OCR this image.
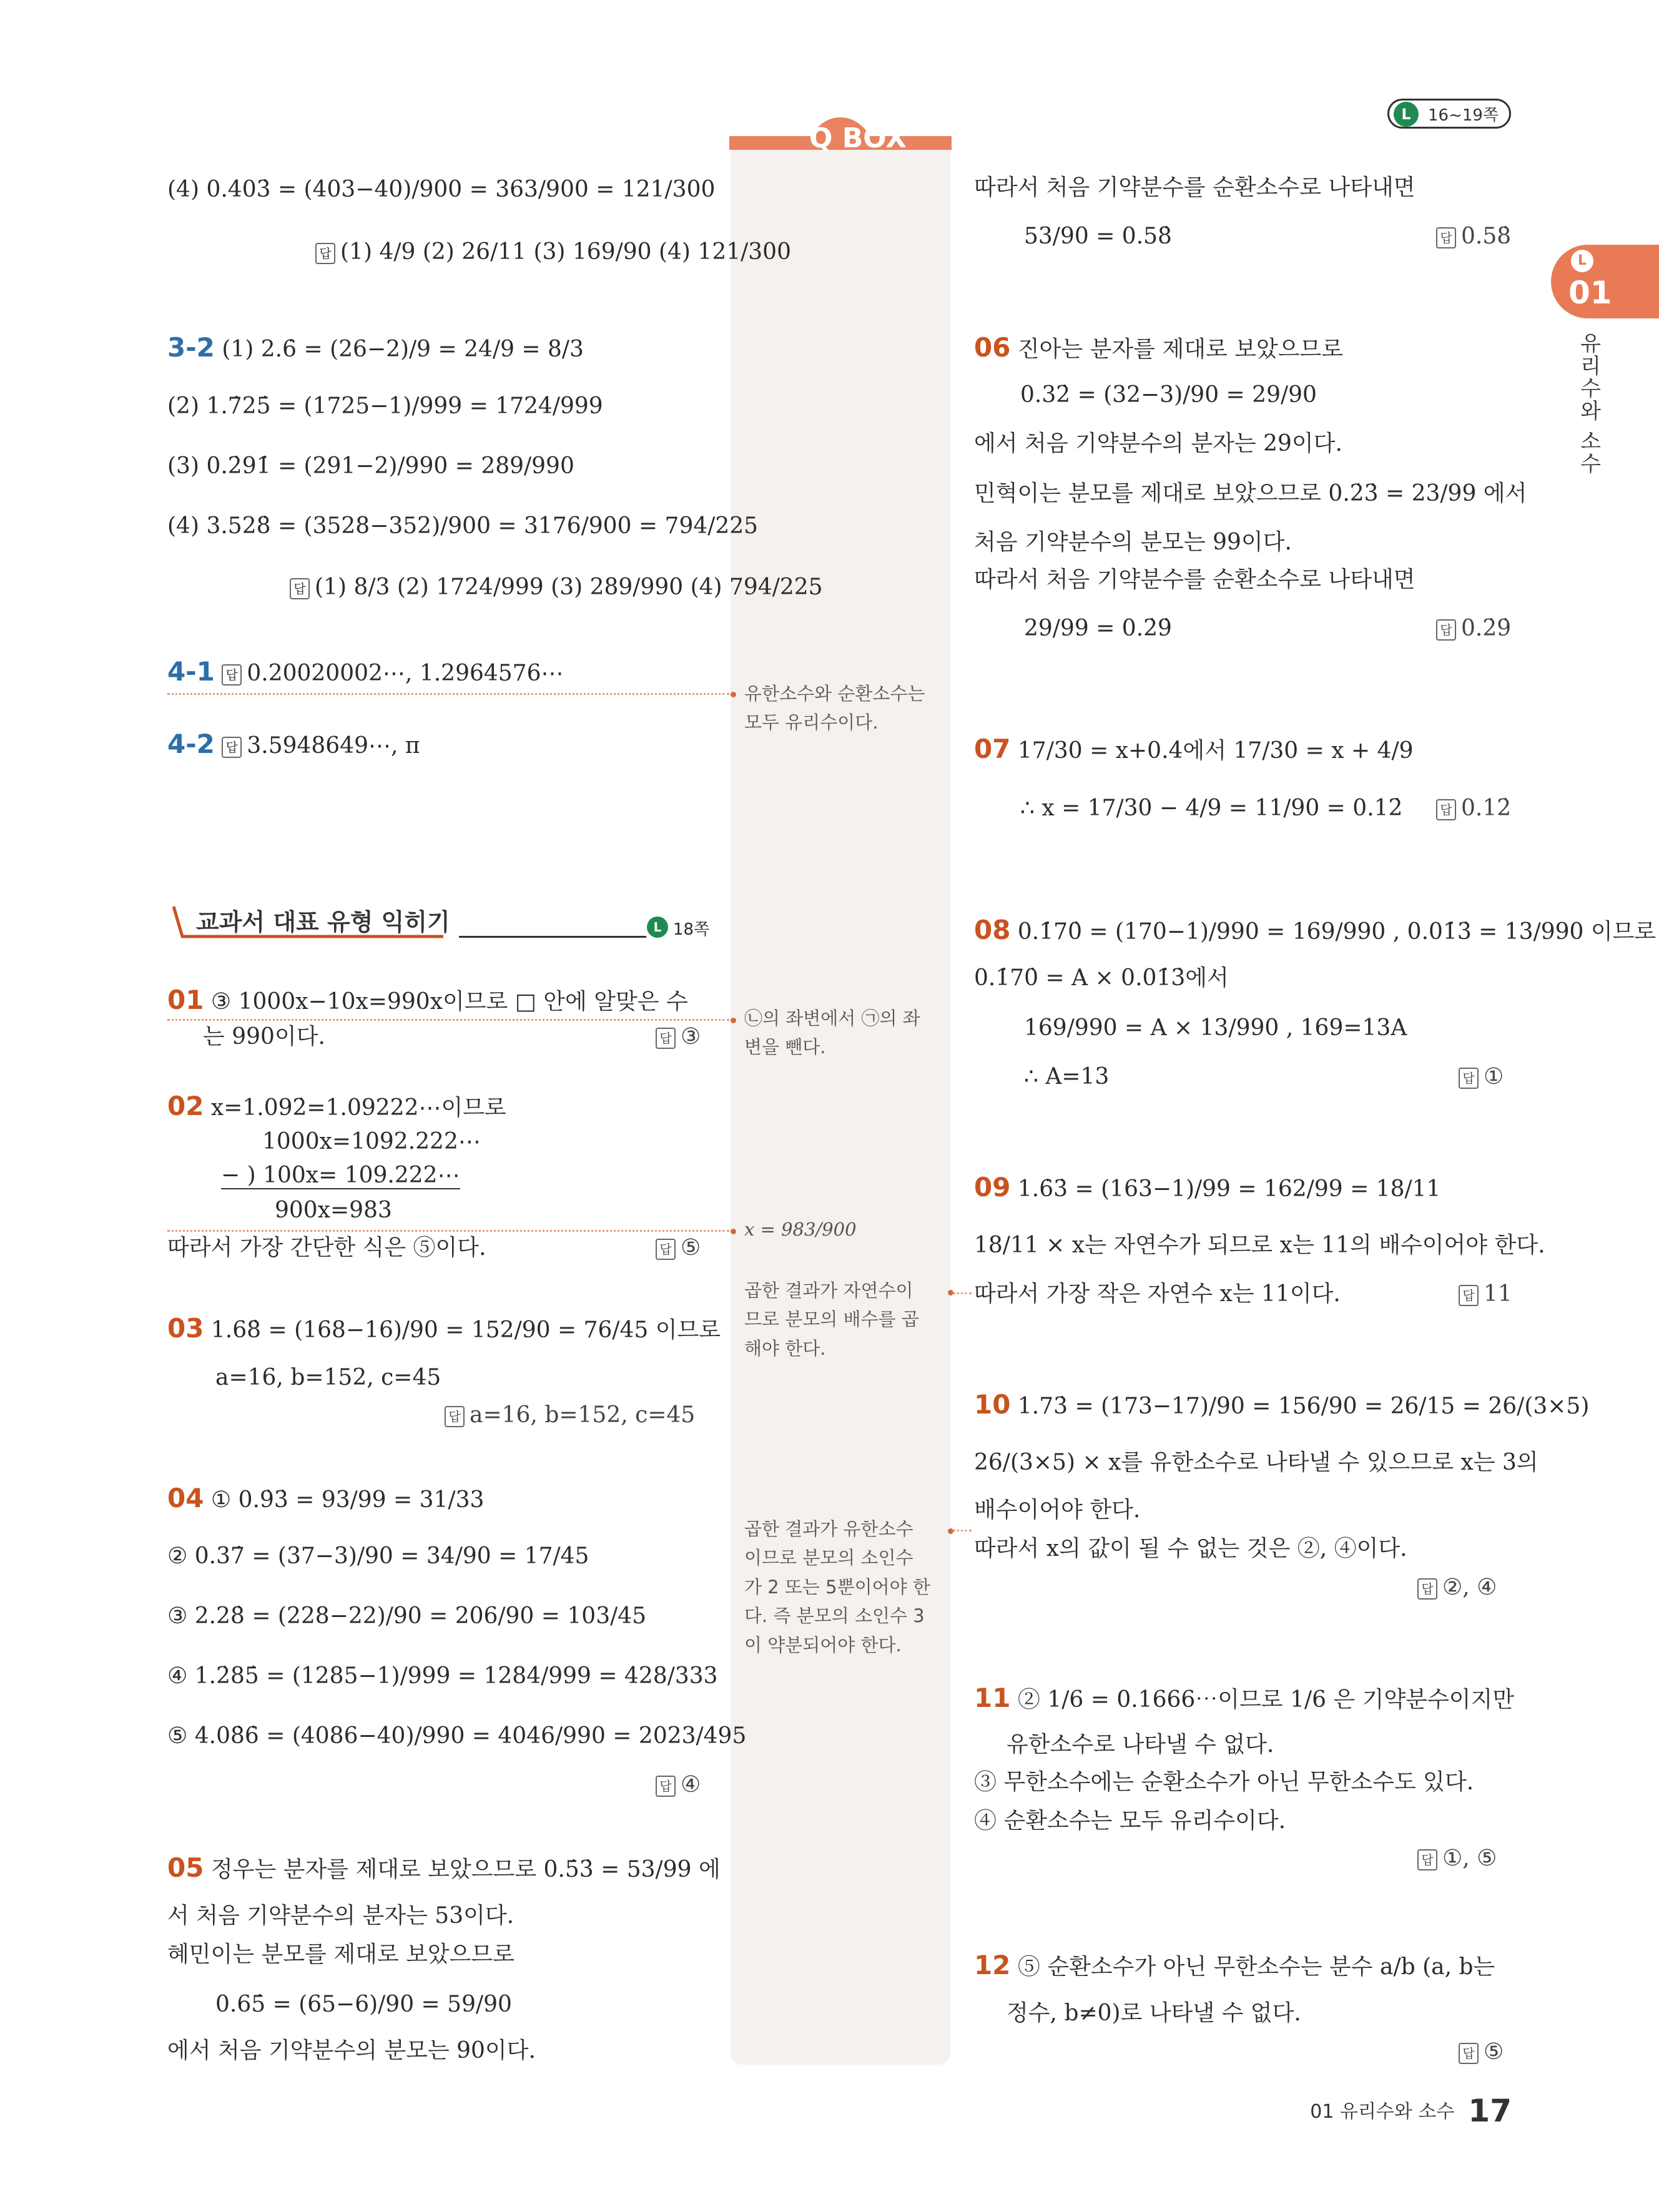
Q BOX
16~19쪽
L
L
01
유리수와 소수
(4) 0.403̇ = (403−40)/900 = 363/900 = 121/300
답 (1) 4/9 (2) 26/11 (3) 169/90 (4) 121/300
3-2 (1) 2.6̇ = (26−2)/9 = 24/9 = 8/3
(2) 1.7̇25̇ = (1725−1)/999 = 1724/999
(3) 0.2̇91̇ = (291−2)/990 = 289/990
(4) 3.528̇ = (3528−352)/900 = 3176/900 = 794/225
답 (1) 8/3 (2) 1724/999 (3) 289/990 (4) 794/225
4-1 답 0.20020002⋯, 1.2964576⋯
4-2 답 3.5948649⋯, π
교과서 대표 유형 익히기	L 18쪽
01 ③ 1000x−10x=990x이므로 □ 안에 알맞은 수
는 990이다.	답 ③
02 x=1.092̇=1.09222⋯이므로
1000x=1092.222⋯
− ) 100x= 109.222⋯
900x=983
따라서 가장 간단한 식은 ⑤이다.	답 ⑤
03 1.68̇ = (168−16)/90 = 152/90 = 76/45 이므로
a=16, b=152, c=45
답 a=16, b=152, c=45
04 ① 0.9̇3̇ = 93/99 = 31/33
② 0.37̇ = (37−3)/90 = 34/90 = 17/45
③ 2.28̇ = (228−22)/90 = 206/90 = 103/45
④ 1.2̇85̇ = (1285−1)/999 = 1284/999 = 428/333
⑤ 4.08̇6̇ = (4086−40)/990 = 4046/990 = 2023/495
답 ④
05 정우는 분자를 제대로 보았으므로 0.5̇3̇ = 53/99 에
서 처음 기약분수의 분자는 53이다.
혜민이는 분모를 제대로 보았으므로
0.65̇ = (65−6)/90 = 59/90
에서 처음 기약분수의 분모는 90이다.
유한소수와 순환소수는
모두 유리수이다.
㉡의 좌변에서 ㉠의 좌
변을 뺀다.
x = 983/900
곱한 결과가 자연수이
므로 분모의 배수를 곱
해야 한다.
곱한 결과가 유한소수
이므로 분모의 소인수
가 2 또는 5뿐이어야 한
다. 즉 분모의 소인수 3
이 약분되어야 한다.
따라서 처음 기약분수를 순환소수로 나타내면
53/90 = 0.58̇	답 0.58̇
06 진아는 분자를 제대로 보았으므로
0.32̇ = (32−3)/90 = 29/90
에서 처음 기약분수의 분자는 29이다.
민혁이는 분모를 제대로 보았으므로 0.2̇3̇ = 23/99 에서
처음 기약분수의 분모는 99이다.
따라서 처음 기약분수를 순환소수로 나타내면
29/99 = 0.2̇9̇	답 0.2̇9̇
07 17/30 = x+0.4̇에서 17/30 = x + 4/9
∴ x = 17/30 − 4/9 = 11/90 = 0.12̇	답 0.12̇
08 0.1̇70̇ = (170−1)/990 = 169/990 , 0.01̇3̇ = 13/990 이므로
0.1̇70̇ = A × 0.01̇3̇에서
169/990 = A × 13/990 , 169=13A
∴ A=13	답 ①
09 1.6̇3̇ = (163−1)/99 = 162/99 = 18/11
18/11 × x는 자연수가 되므로 x는 11의 배수이어야 한다.
따라서 가장 작은 자연수 x는 11이다.	답 11
10 1.73̇ = (173−17)/90 = 156/90 = 26/15 = 26/(3×5)
26/(3×5) × x를 유한소수로 나타낼 수 있으므로 x는 3의
배수이어야 한다.
따라서 x의 값이 될 수 없는 것은 ②, ④이다.
답 ②, ④
11 ② 1/6 = 0.1666⋯이므로 1/6 은 기약분수이지만
유한소수로 나타낼 수 없다.
③ 무한소수에는 순환소수가 아닌 무한소수도 있다.
④ 순환소수는 모두 유리수이다.
답 ①, ⑤
12 ⑤ 순환소수가 아닌 무한소수는 분수 a/b (a, b는
정수, b≠0)로 나타낼 수 없다.
답 ⑤
01 유리수와 소수 17
